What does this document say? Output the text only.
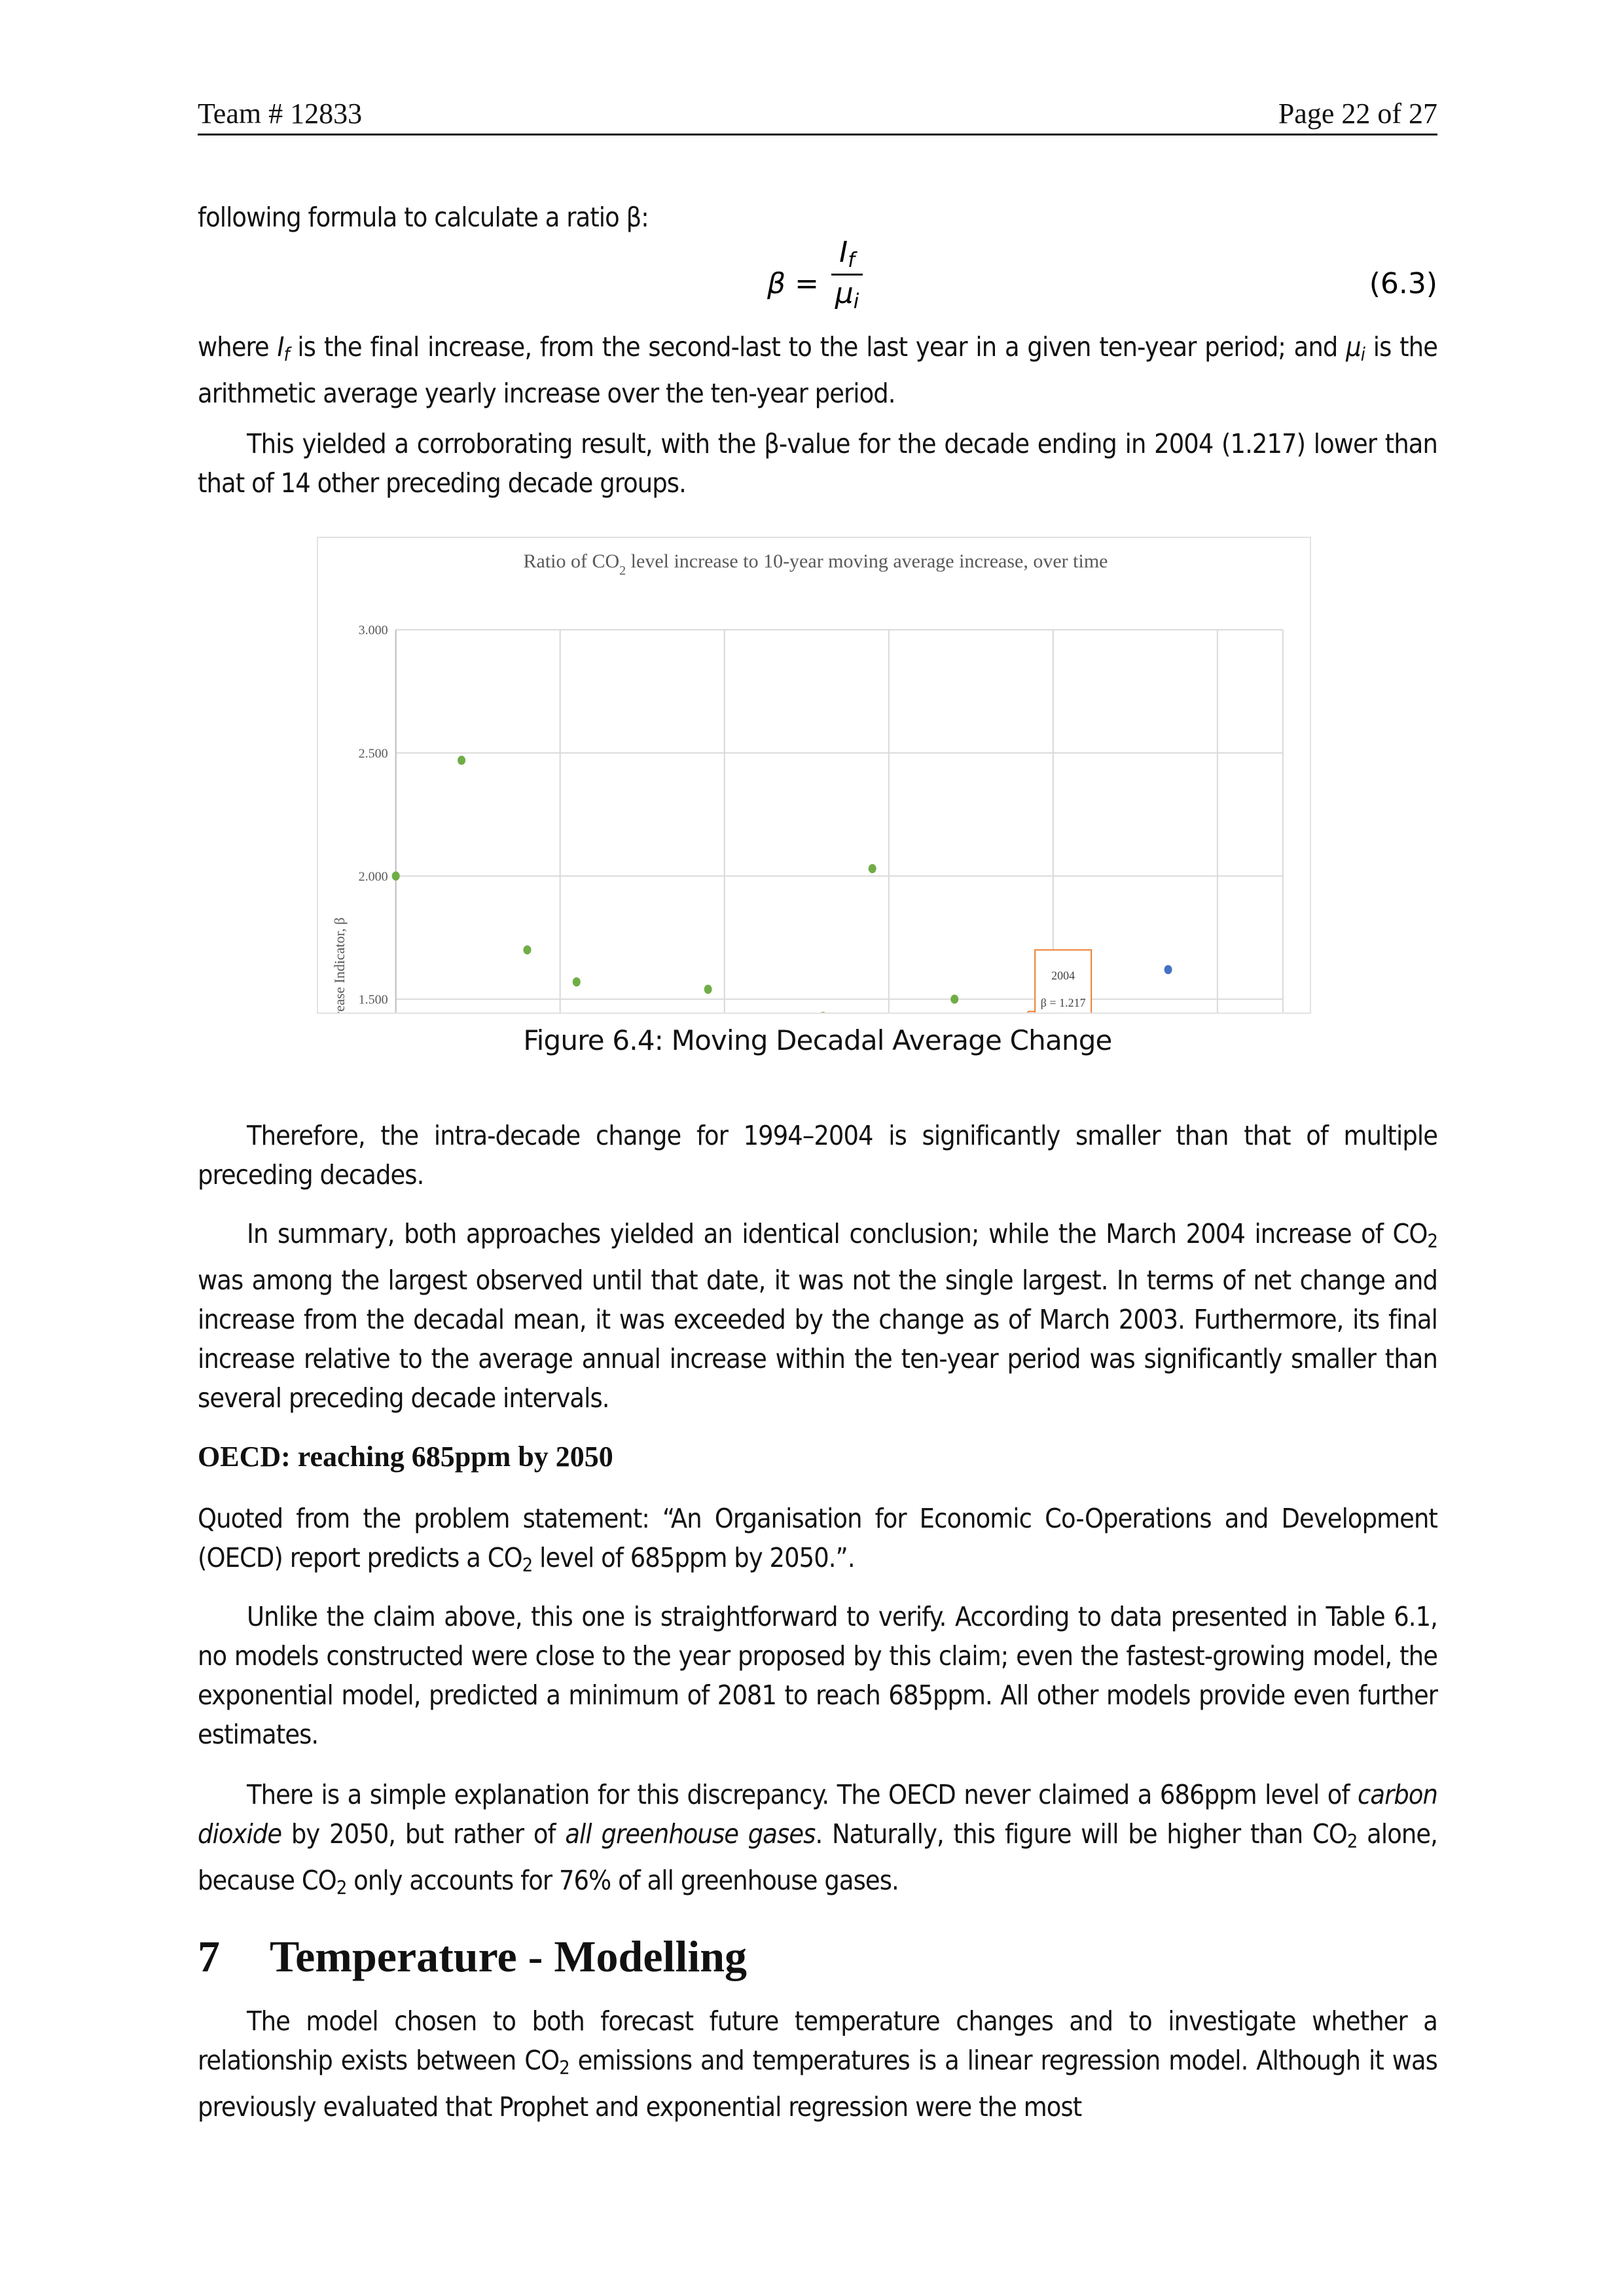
Team # 12833	Page 22 of 27

following formula to calculate a ratio β:

β =
$I_f$
$\mu_i$
(6.3)

where $I_f$ is the final increase, from the second-last to the last year in a given ten-year period; and $\mu_i$ is the arithmetic average yearly increase over the ten-year period.

This yielded a corroborating result, with the β-value for the decade ending in 2004 (1.217) lower than that of 14 other preceding decade groups.

Ratio of $CO_2$ level increase to 10-year moving average increase, over time
1.500
2.000
2.500
3.000
2004
β = 1.217
Annual Increase Indicator, β	Figure 6.4: Moving Decadal Average Change

Therefore, the intra-decade change for 1994–2004 is significantly smaller than that of multiple preceding decades.

In summary, both approaches yielded an identical conclusion; while the March 2004 increase of $CO_2$ was among the largest observed until that date, it was not the single largest. In terms of net change and increase from the decadal mean, it was exceeded by the change as of March 2003. Furthermore, its final increase relative to the average annual increase within the ten-year period was significantly smaller than several preceding decade intervals.

OECD: reaching 685ppm by 2050

Quoted from the problem statement: “An Organisation for Economic Co-Operations and Development (OECD) report predicts a $CO_2$ level of 685ppm by 2050.”.

Unlike the claim above, this one is straightforward to verify. According to data presented in Table 6.1, no models constructed were close to the year proposed by this claim; even the fastest-growing model, the exponential model, predicted a minimum of 2081 to reach 685ppm. All other models provide even further estimates.

There is a simple explanation for this discrepancy. The OECD never claimed a 686ppm level of carbon dioxide by 2050, but rather of all greenhouse gases. Naturally, this figure will be higher than $CO_2$ alone, because $CO_2$ only accounts for 76% of all greenhouse gases.

7 Temperature - Modelling

The model chosen to both forecast future temperature changes and to investigate whether a relationship exists between $CO_2$ emissions and temperatures is a linear regression model. Although it was previously evaluated that Prophet and exponential regression were the most
